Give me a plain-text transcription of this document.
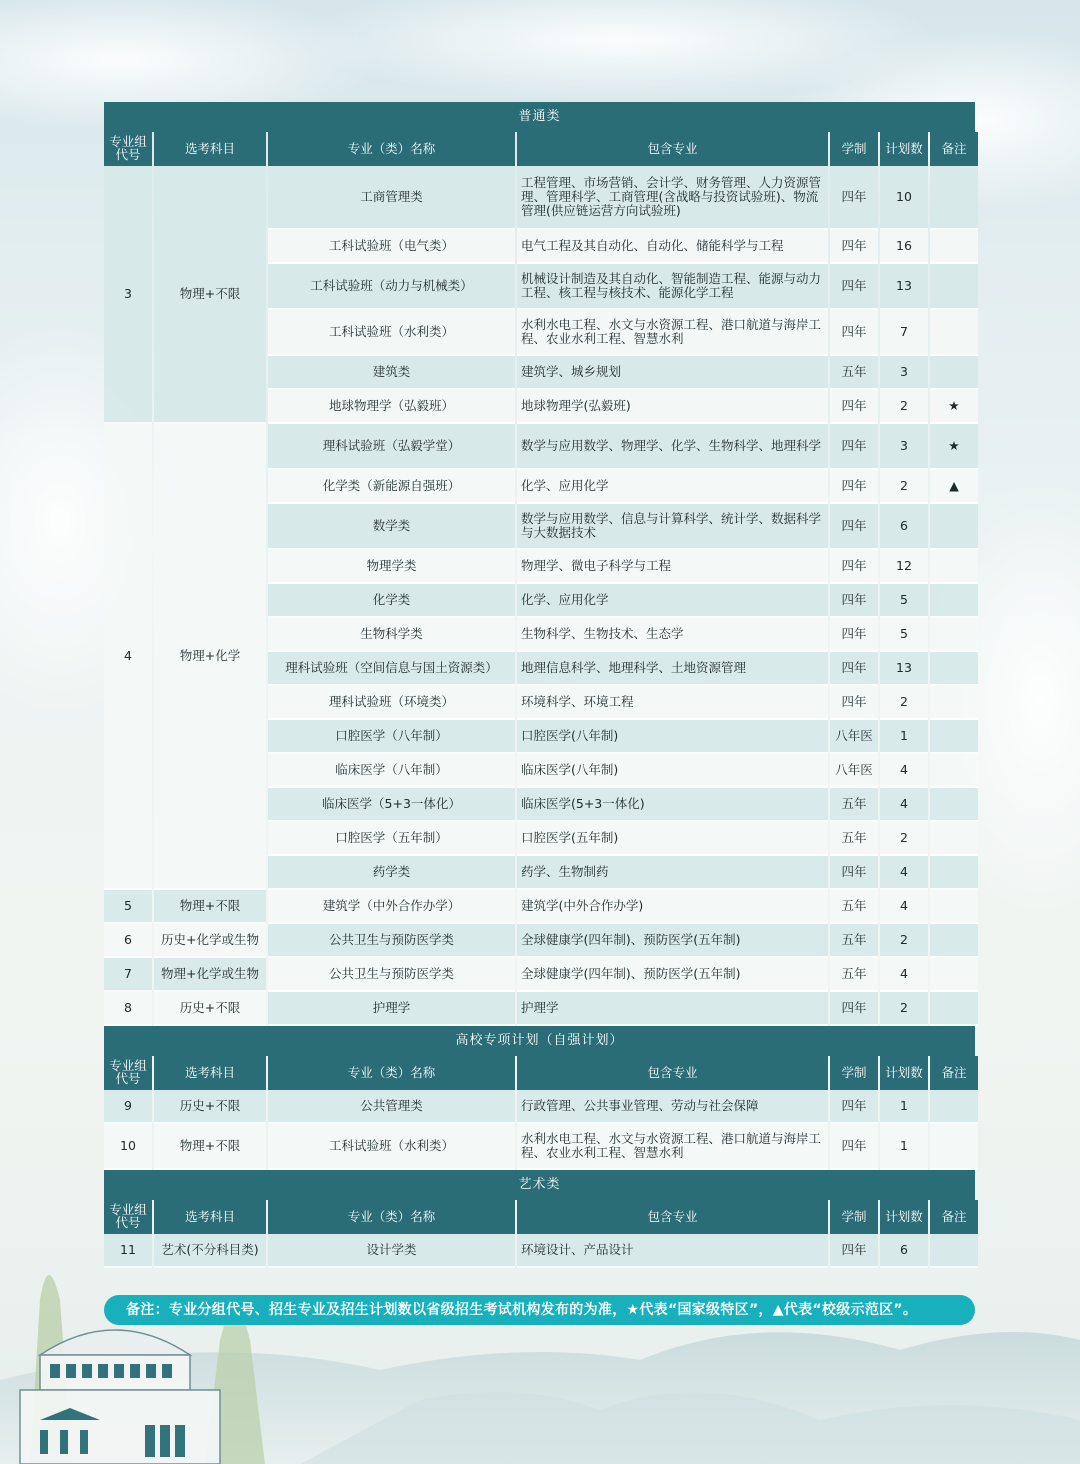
普通类
专业组代号	选考科目	专业（类）名称	包含专业	学制	计划数	备注
3	物理+不限	工商管理类	工程管理、市场营销、会计学、财务管理、人力资源管理、管理科学、工商管理(含战略与投资试验班)、物流管理(供应链运营方向试验班)	四年	10	
		工科试验班（电气类）	电气工程及其自动化、自动化、储能科学与工程	四年	16	
		工科试验班（动力与机械类）	机械设计制造及其自动化、智能制造工程、能源与动力工程、核工程与核技术、能源化学工程	四年	13	
		工科试验班（水利类）	水利水电工程、水文与水资源工程、港口航道与海岸工程、农业水利工程、智慧水利	四年	7	
		建筑类	建筑学、城乡规划	五年	3	
		地球物理学（弘毅班）	地球物理学(弘毅班)	四年	2	★
4	物理+化学	理科试验班（弘毅学堂）	数学与应用数学、物理学、化学、生物科学、地理科学	四年	3	★
		化学类（新能源自强班）	化学、应用化学	四年	2	▲
		数学类	数学与应用数学、信息与计算科学、统计学、数据科学与大数据技术	四年	6	
		物理学类	物理学、微电子科学与工程	四年	12	
		化学类	化学、应用化学	四年	5	
		生物科学类	生物科学、生物技术、生态学	四年	5	
		理科试验班（空间信息与国土资源类）	地理信息科学、地理科学、土地资源管理	四年	13	
		理科试验班（环境类）	环境科学、环境工程	四年	2	
		口腔医学（八年制）	口腔医学(八年制)	八年医	1	
		临床医学（八年制）	临床医学(八年制)	八年医	4	
		临床医学（5+3一体化）	临床医学(5+3一体化)	五年	4	
		口腔医学（五年制）	口腔医学(五年制)	五年	2	
		药学类	药学、生物制药	四年	4	
5	物理+不限	建筑学（中外合作办学）	建筑学(中外合作办学)	五年	4	
6	历史+化学或生物	公共卫生与预防医学类	全球健康学(四年制)、预防医学(五年制)	五年	2	
7	物理+化学或生物	公共卫生与预防医学类	全球健康学(四年制)、预防医学(五年制)	五年	4	
8	历史+不限	护理学	护理学	四年	2	
高校专项计划（自强计划）
专业组代号	选考科目	专业（类）名称	包含专业	学制	计划数	备注
9	历史+不限	公共管理类	行政管理、公共事业管理、劳动与社会保障	四年	1	
10	物理+不限	工科试验班（水利类）	水利水电工程、水文与水资源工程、港口航道与海岸工程、农业水利工程、智慧水利	四年	1	
艺术类
专业组代号	选考科目	专业（类）名称	包含专业	学制	计划数	备注
11	艺术(不分科目类)	设计学类	环境设计、产品设计	四年	6	
备注：专业分组代号、招生专业及招生计划数以省级招生考试机构发布的为准，★代表“国家级特区”，▲代表“校级示范区”。
